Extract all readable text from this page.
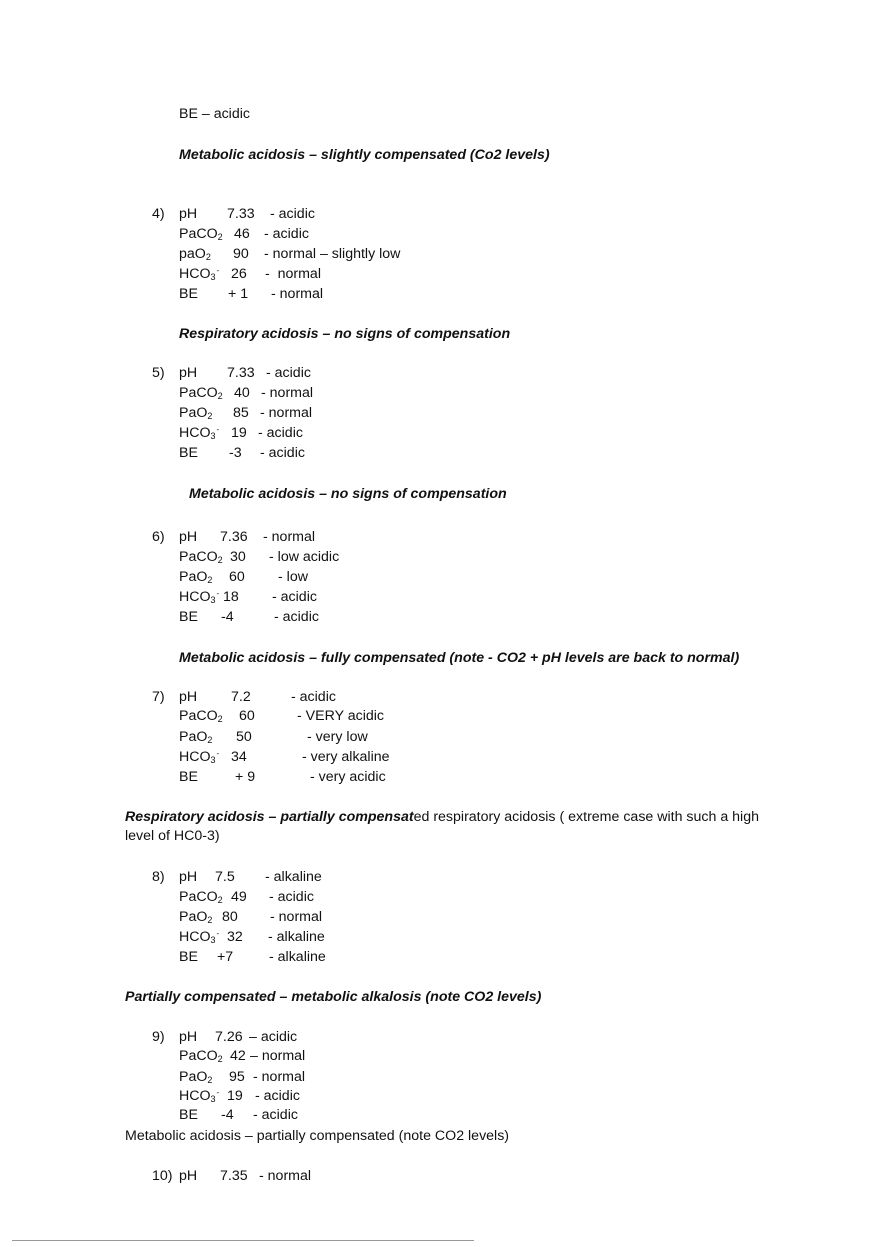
BE – acidic
Metabolic acidosis – slightly compensated (Co2 levels)
4) pH 7.33 - acidic
PaCO$_2$ 46 - acidic
paO$_2$ 90 - normal – slightly low
$HCO_3^-$ 26 -  normal
BE + 1 - normal
Respiratory acidosis – no signs of compensation
5) pH 7.33 - acidic
PaCO$_2$ 40 - normal
PaO$_2$ 85 - normal
$HCO_3^-$ 19 - acidic
BE -3 - acidic
Metabolic acidosis – no signs of compensation
6) pH 7.36 - normal
PaCO$_2$ 30 - low acidic
PaO$_2$ 60 - low
$HCO_3^-$ 18 - acidic
BE -4	- acidic
Metabolic acidosis – fully compensated (note - CO2 + pH levels are back to normal)
7) pH 7.2	- acidic
PaCO$_2$ 60	- VERY acidic
PaO$_2$ 50	- very low
$HCO_3^-$ 34	- very alkaline
BE	+ 9	- very acidic
Respiratory acidosis – partially compensated respiratory acidosis ( extreme case with such a high
level of HC0-3)
8) pH 7.5 - alkaline
PaCO$_2$ 49 - acidic
PaO$_2$ 80 - normal
$HCO_3^-$ 32 - alkaline
BE +7	- alkaline
Partially compensated – metabolic alkalosis (note CO2 levels)
9) pH 7.26 – acidic
PaCO$_2$ 42 – normal
PaO$_2$ 95 - normal
$HCO_3^-$ 19 - acidic
BE -4 - acidic
Metabolic acidosis – partially compensated (note CO2 levels)
10) pH 7.35 - normal
